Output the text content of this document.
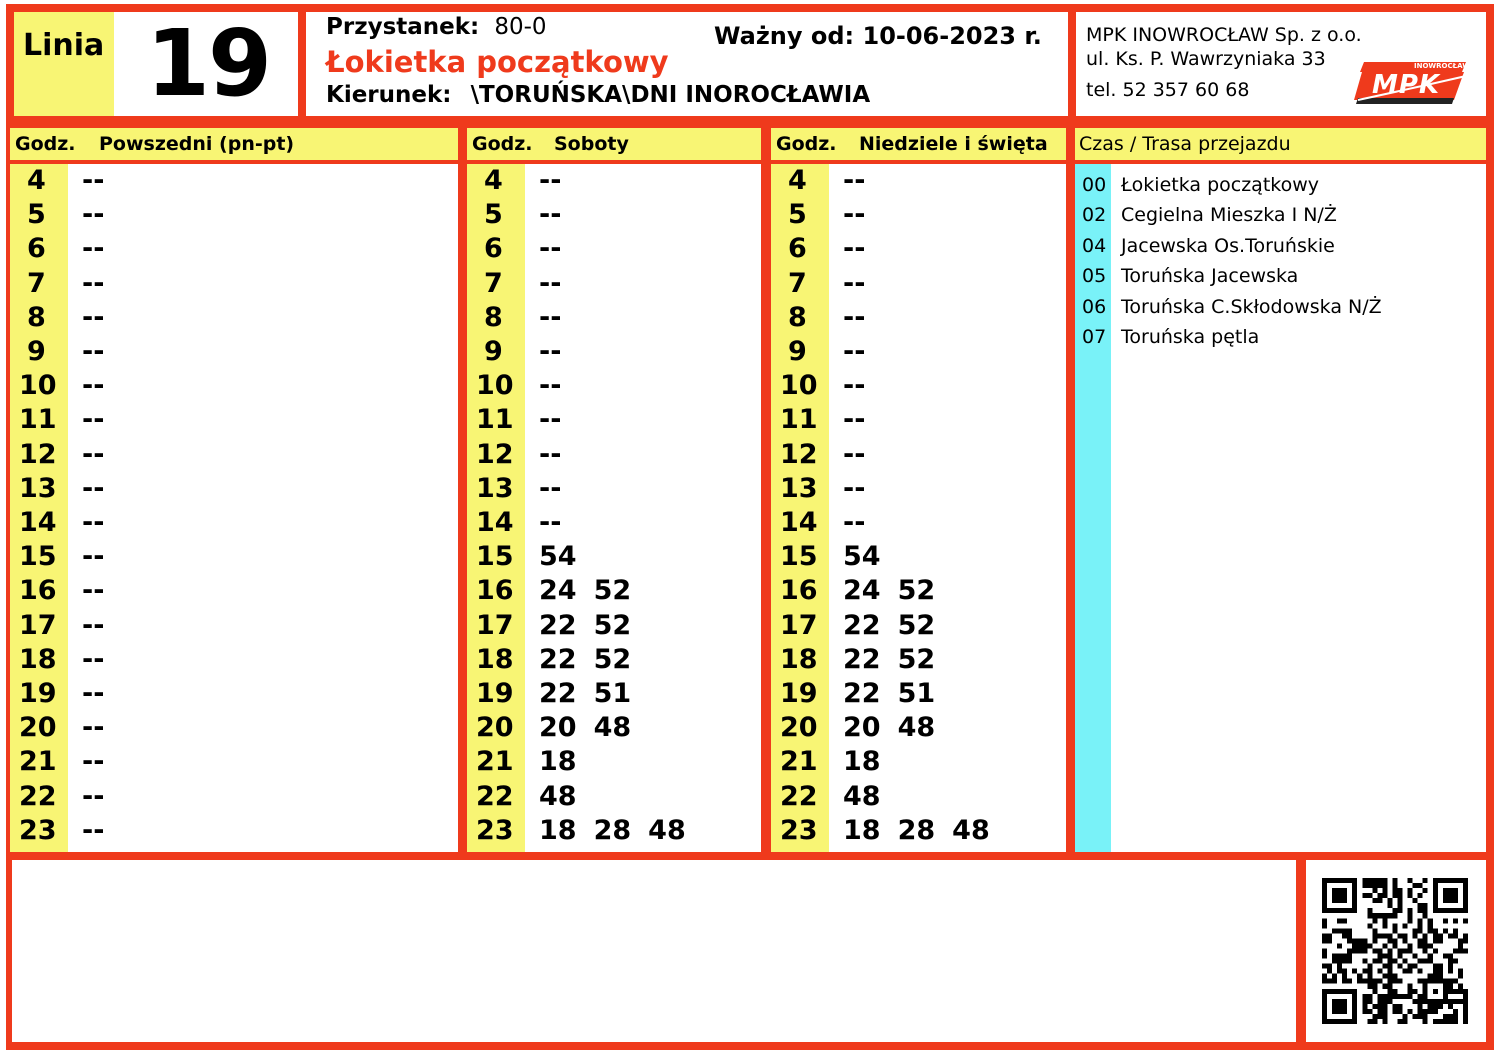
Linia 19 Przystanek: 80-0
Łokietka początkowy
Kierunek: \TORUŃSKA\DNI INOROCŁAWIA
Ważny od: 10-06-2023 r. MPK INOWROCŁAW Sp. z o.o.
ul. Ks. P. Wawrzyniaka 33
tel. 52 357 60 68
INOWROCŁAW
MPK
Godz. Powszedni (pn-pt)
4 --
5 --
6 --
7 --
8 --
9 --
10 --
11 --
12 --
13 --
14 --
15 --
16 --
17 --
18 --
19 --
20 --
21 --
22 --
23 --
Godz. Soboty
4 --
5 --
6 --
7 --
8 --
9 --
10 --
11 --
12 --
13 --
14 --
15 54
16 24 52
17 22 52
18 22 52
19 22 51
20 20 48
21 18
22 48
23 18 28 48
Godz. Niedziele i święta
4 --
5 --
6 --
7 --
8 --
9 --
10 --
11 --
12 --
13 --
14 --
15 54
16 24 52
17 22 52
18 22 52
19 22 51
20 20 48
21 18
22 48
23 18 28 48
Czas / Trasa przejazdu
00 Łokietka początkowy
02 Cegielna Mieszka I N/Ż
04 Jacewska Os.Toruńskie
05 Toruńska Jacewska
06 Toruńska C.Skłodowska N/Ż
07 Toruńska pętla
